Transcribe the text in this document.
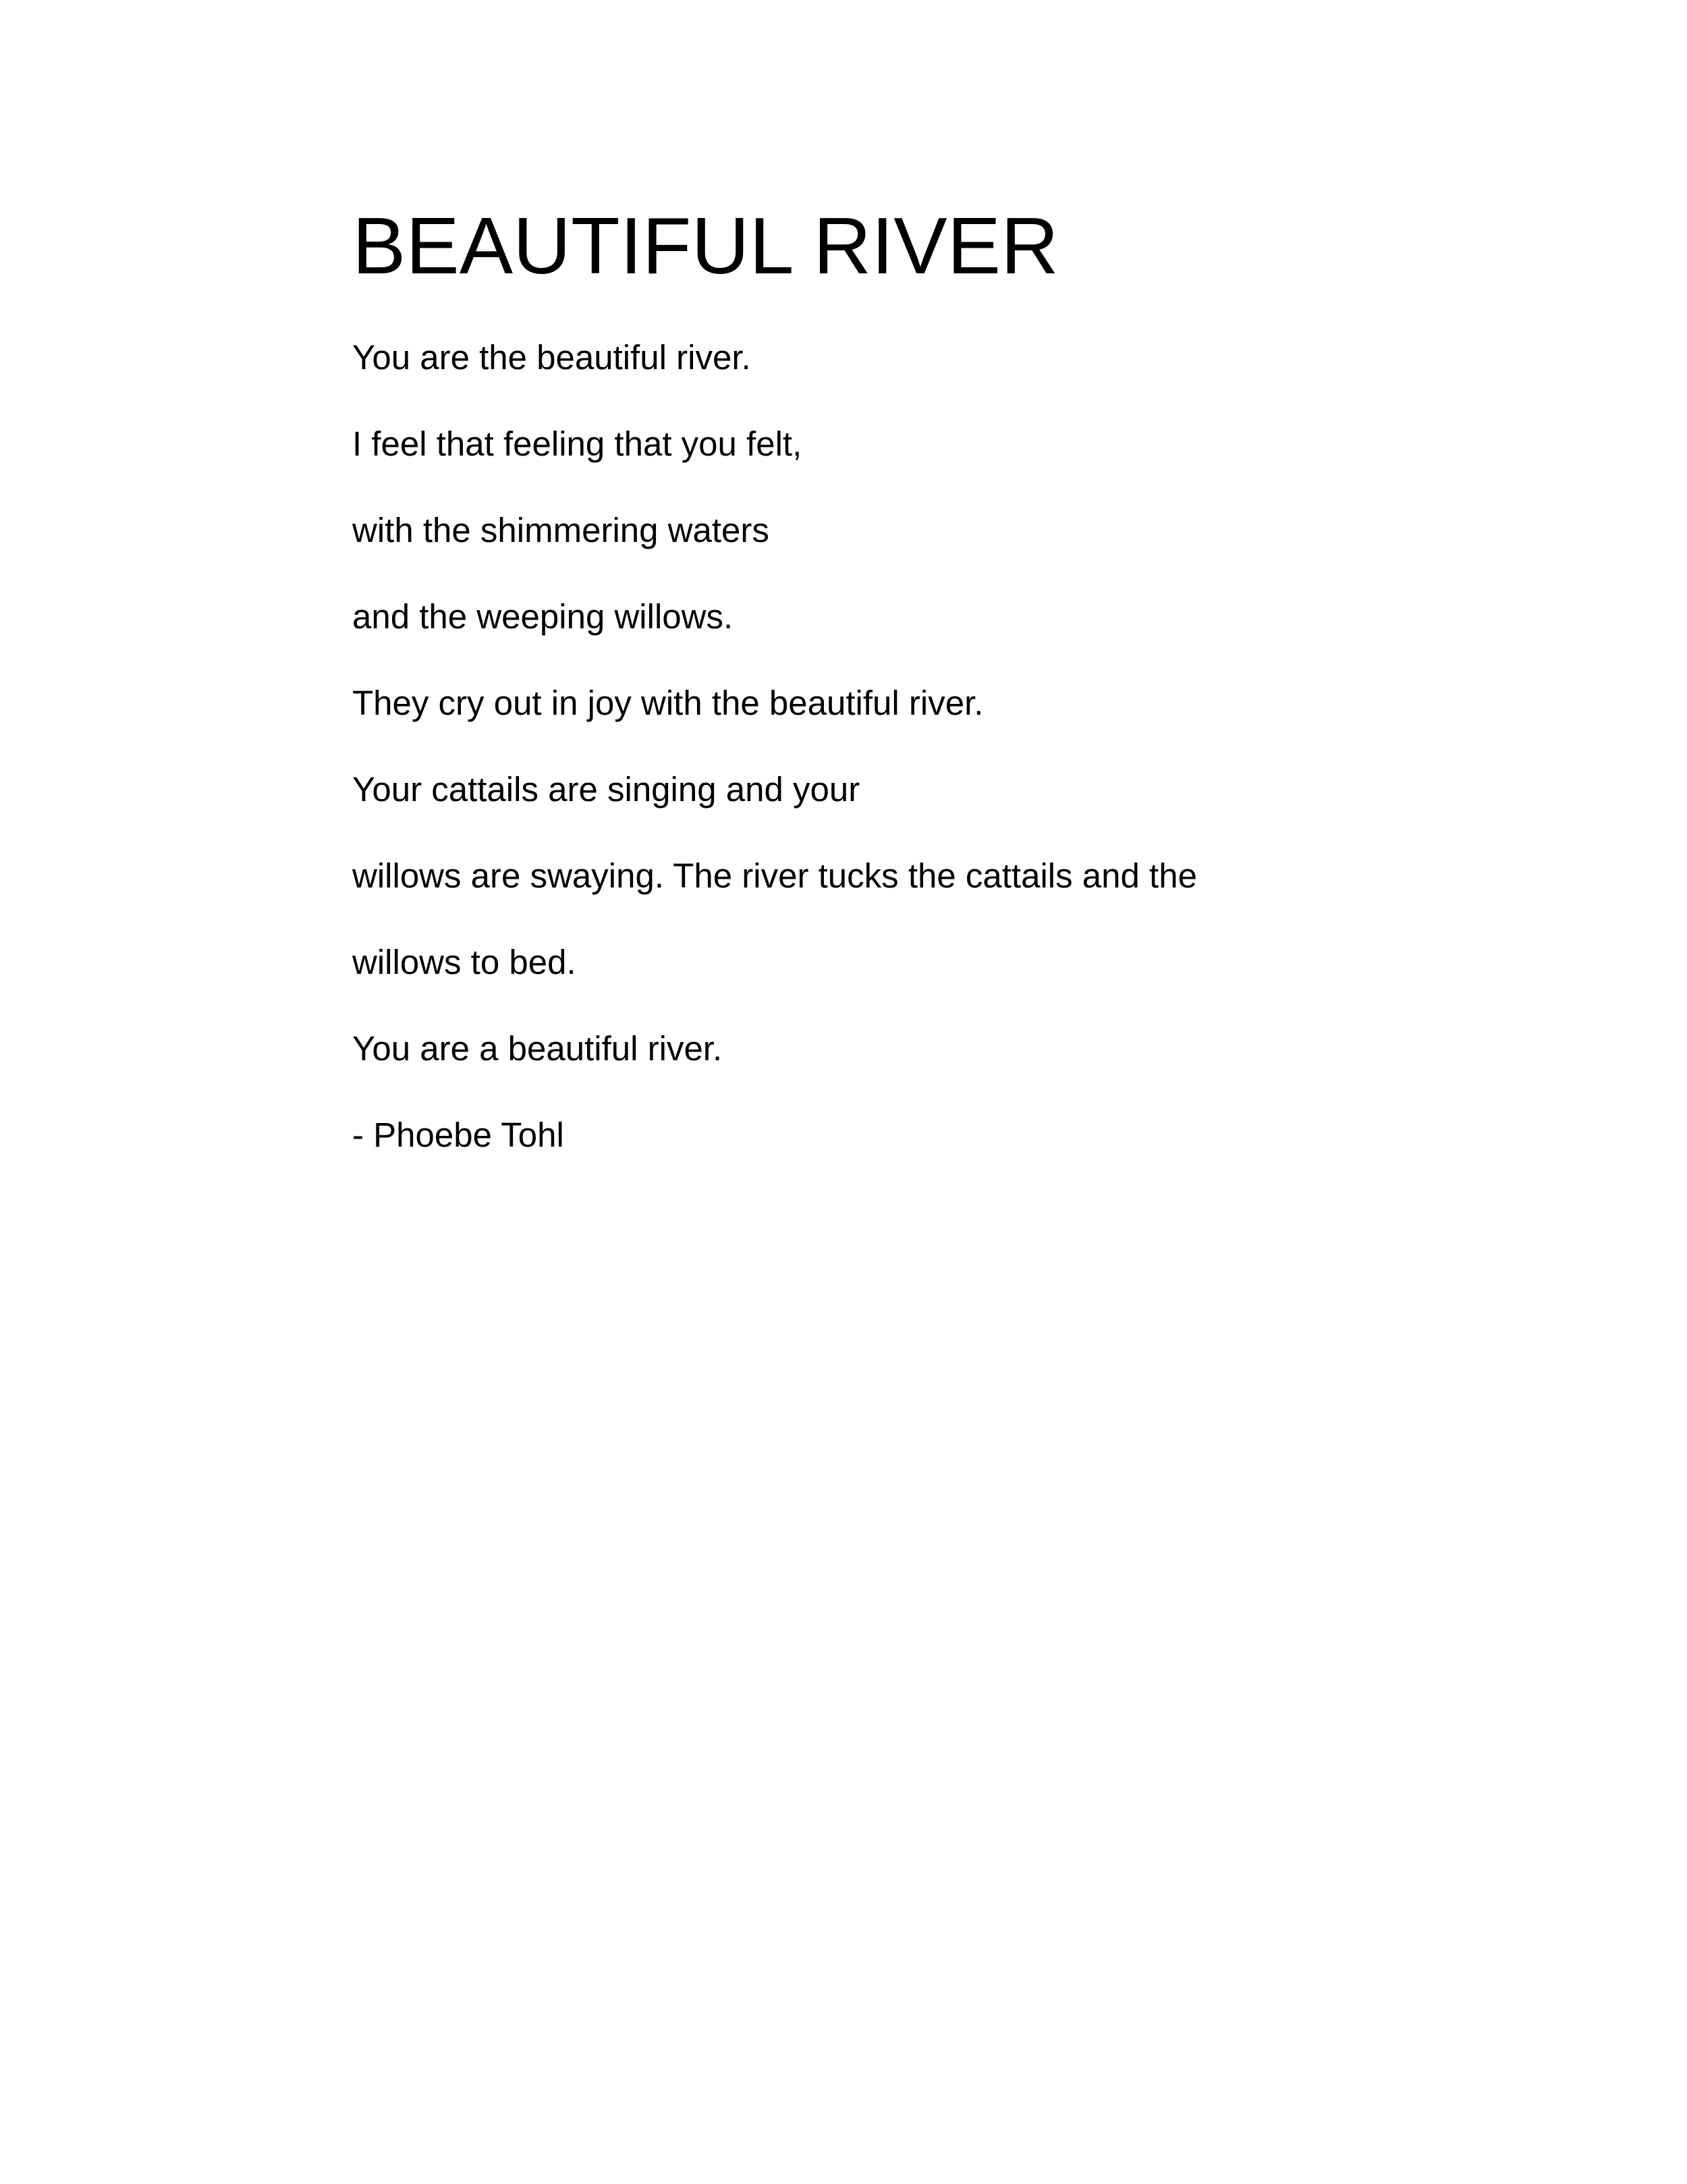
BEAUTIFUL RIVER
You are the beautiful river.
I feel that feeling that you felt,
with the shimmering waters
and the weeping willows.
They cry out in joy with the beautiful river.
Your cattails are singing and your
willows are swaying. The river tucks the cattails and the
willows to bed.
You are a beautiful river.
- Phoebe Tohl
